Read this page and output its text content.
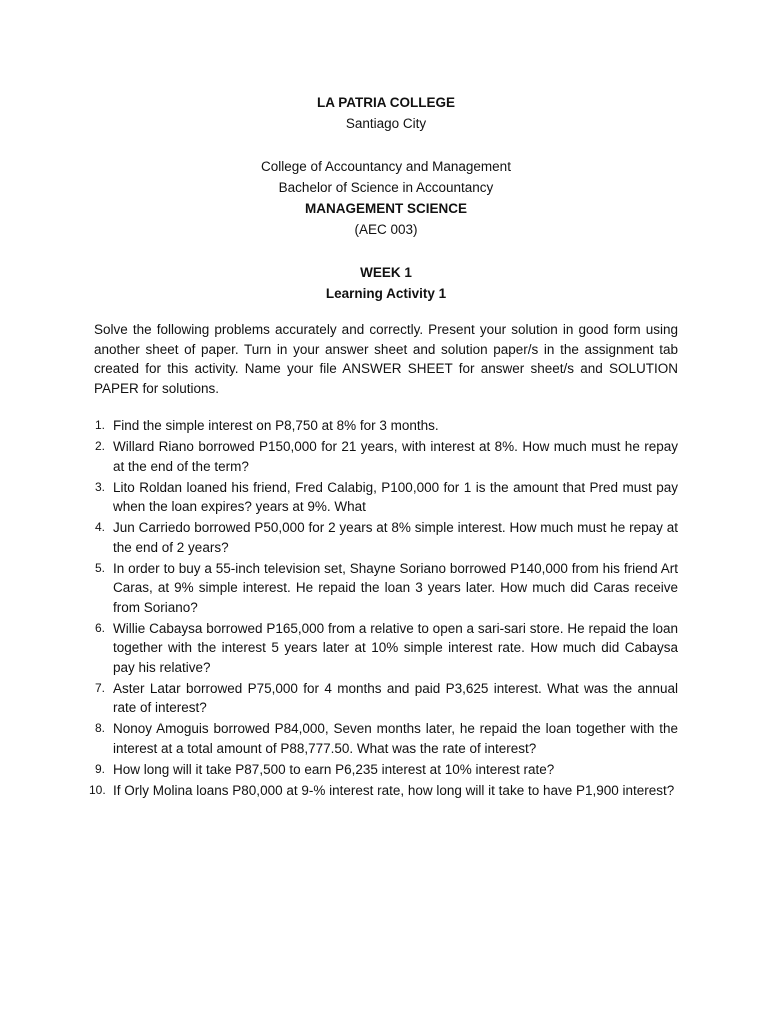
LA PATRIA COLLEGE
Santiago City
College of Accountancy and Management
Bachelor of Science in Accountancy
MANAGEMENT SCIENCE
(AEC 003)
WEEK 1
Learning Activity 1
Solve the following problems accurately and correctly. Present your solution in good form using another sheet of paper. Turn in your answer sheet and solution paper/s in the assignment tab created for this activity. Name your file ANSWER SHEET for answer sheet/s and SOLUTION PAPER for solutions.
1. Find the simple interest on P8,750 at 8% for 3 months.
2. Willard Riano borrowed P150,000 for 21 years, with interest at 8%. How much must he repay at the end of the term?
3. Lito Roldan loaned his friend, Fred Calabig, P100,000 for 1 is the amount that Pred must pay when the loan expires? years at 9%. What
4. Jun Carriedo borrowed P50,000 for 2 years at 8% simple interest. How much must he repay at the end of 2 years?
5. In order to buy a 55-inch television set, Shayne Soriano borrowed P140,000 from his friend Art Caras, at 9% simple interest. He repaid the loan 3 years later. How much did Caras receive from Soriano?
6. Willie Cabaysa borrowed P165,000 from a relative to open a sari-sari store. He repaid the loan together with the interest 5 years later at 10% simple interest rate. How much did Cabaysa pay his relative?
7. Aster Latar borrowed P75,000 for 4 months and paid P3,625 interest. What was the annual rate of interest?
8. Nonoy Amoguis borrowed P84,000, Seven months later, he repaid the loan together with the interest at a total amount of P88,777.50. What was the rate of interest?
9. How long will it take P87,500 to earn P6,235 interest at 10% interest rate?
10. If Orly Molina loans P80,000 at 9-% interest rate, how long will it take to have P1,900 interest?
